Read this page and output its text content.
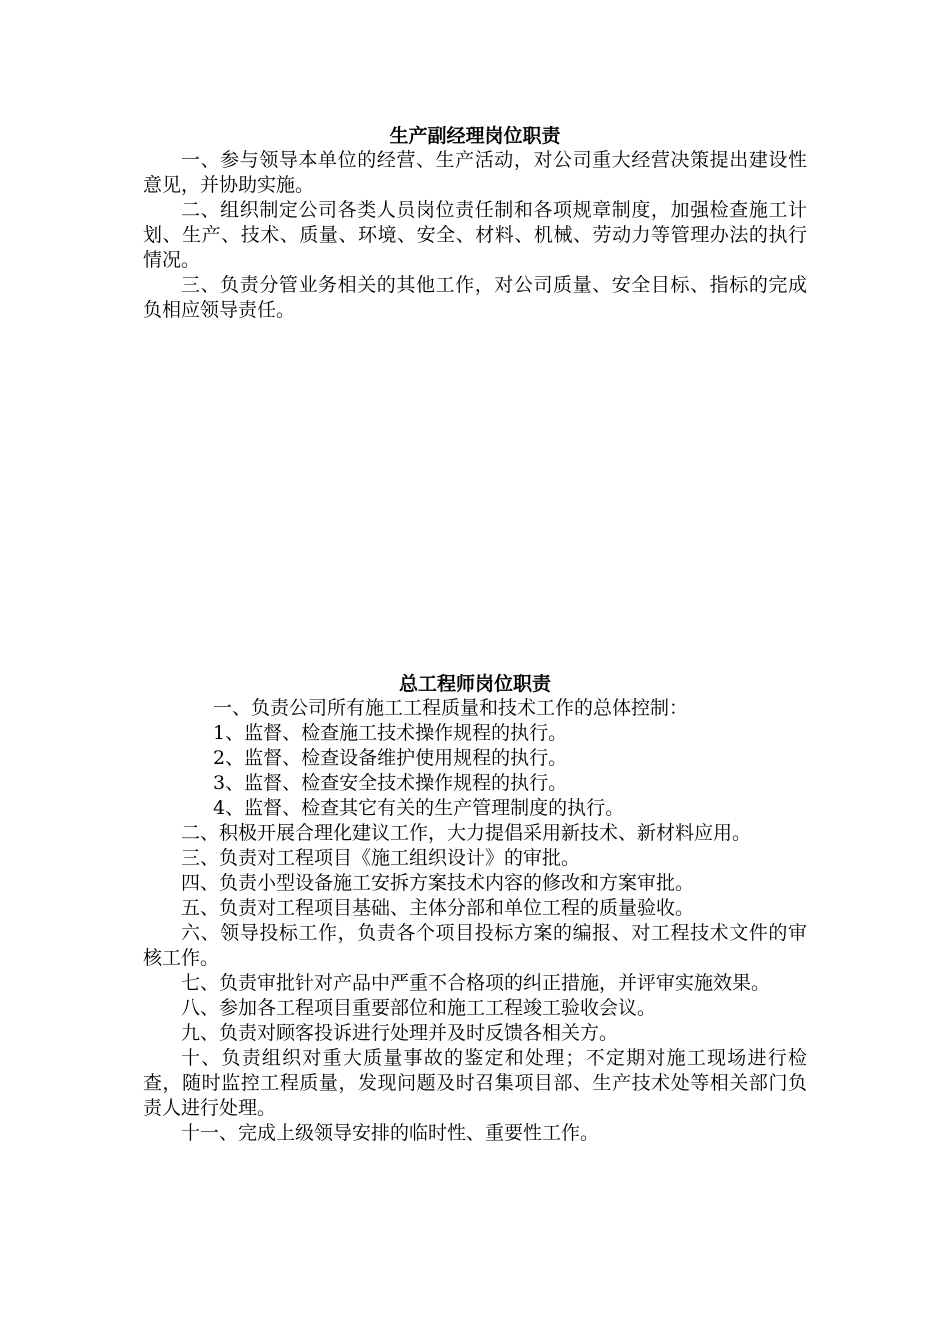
生产副经理岗位职责

一、参与领导本单位的经营、生产活动，对公司重大经营决策提出建设性意见，并协助实施。

二、组织制定公司各类人员岗位责任制和各项规章制度，加强检查施工计划、生产、技术、质量、环境、安全、材料、机械、劳动力等管理办法的执行情况。

三、负责分管业务相关的其他工作，对公司质量、安全目标、指标的完成负相应领导责任。

总工程师岗位职责

一、负责公司所有施工工程质量和技术工作的总体控制：

1、监督、检查施工技术操作规程的执行。

2、监督、检查设备维护使用规程的执行。

3、监督、检查安全技术操作规程的执行。

4、监督、检查其它有关的生产管理制度的执行。

二、积极开展合理化建议工作，大力提倡采用新技术、新材料应用。

三、负责对工程项目《施工组织设计》的审批。

四、负责小型设备施工安拆方案技术内容的修改和方案审批。

五、负责对工程项目基础、主体分部和单位工程的质量验收。

六、领导投标工作，负责各个项目投标方案的编报、对工程技术文件的审核工作。

七、负责审批针对产品中严重不合格项的纠正措施，并评审实施效果。

八、参加各工程项目重要部位和施工工程竣工验收会议。

九、负责对顾客投诉进行处理并及时反馈各相关方。

十、负责组织对重大质量事故的鉴定和处理；不定期对施工现场进行检查，随时监控工程质量，发现问题及时召集项目部、生产技术处等相关部门负责人进行处理。

十一、完成上级领导安排的临时性、重要性工作。
